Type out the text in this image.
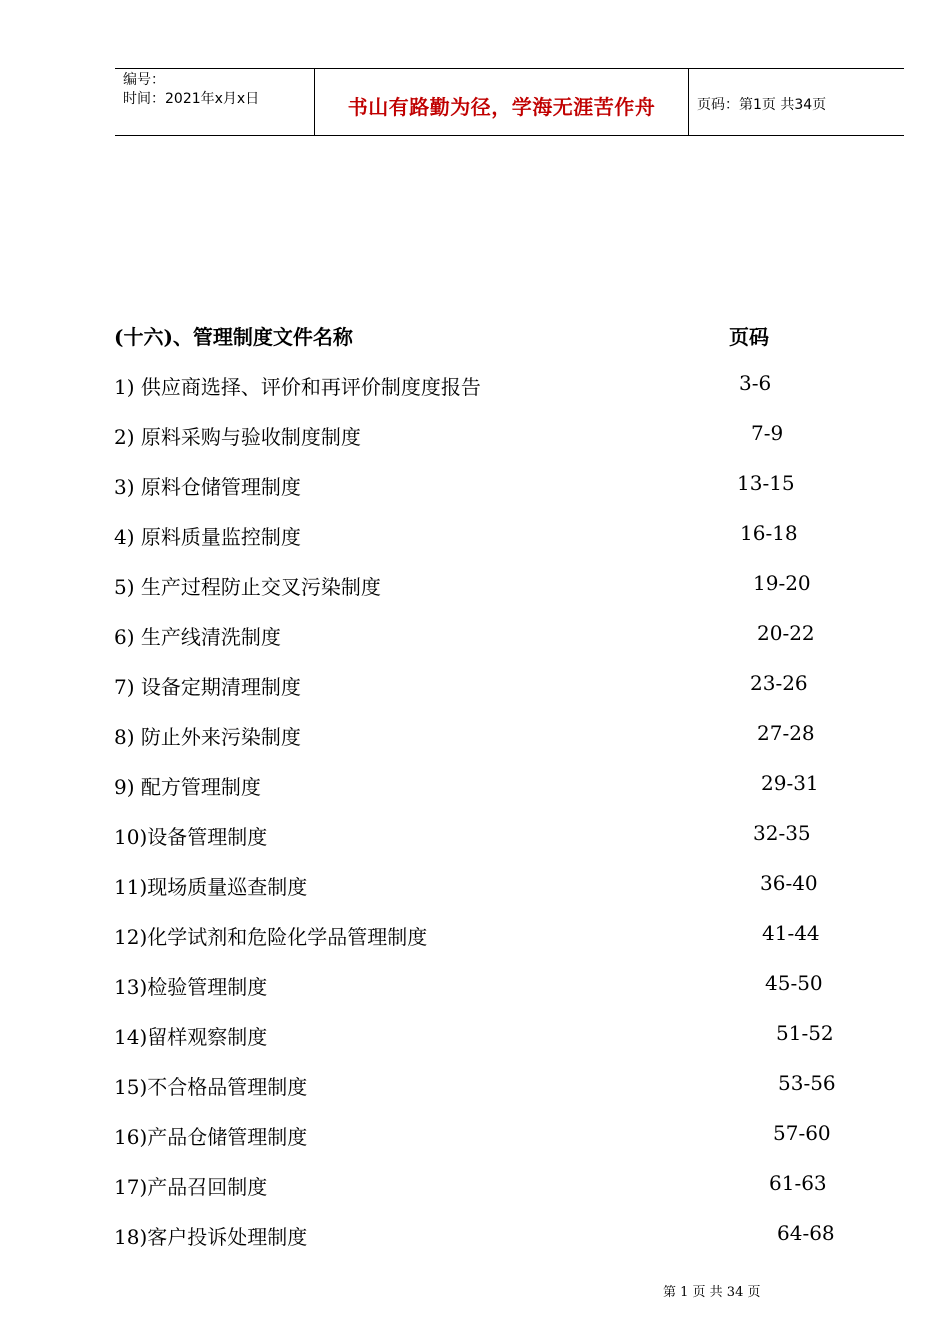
编号：
时间：2021年x月x日	书山有路勤为径，学海无涯苦作舟	页码：第1页 共34页
(十六)、管理制度文件名称	页码
1) 供应商选择、评价和再评价制度度报告	3-6
2) 原料采购与验收制度制度	7-9
3) 原料仓储管理制度	13-15
4) 原料质量监控制度	16-18
5) 生产过程防止交叉污染制度	19-20
6) 生产线清洗制度	20-22
7) 设备定期清理制度	23-26
8) 防止外来污染制度	27-28
9) 配方管理制度	29-31
10)设备管理制度	32-35
11)现场质量巡查制度	36-40
12)化学试剂和危险化学品管理制度	41-44
13)检验管理制度	45-50
14)留样观察制度	51-52
15)不合格品管理制度	53-56
16)产品仓储管理制度	57-60
17)产品召回制度	61-63
18)客户投诉处理制度	64-68
第 1 页 共 34 页
